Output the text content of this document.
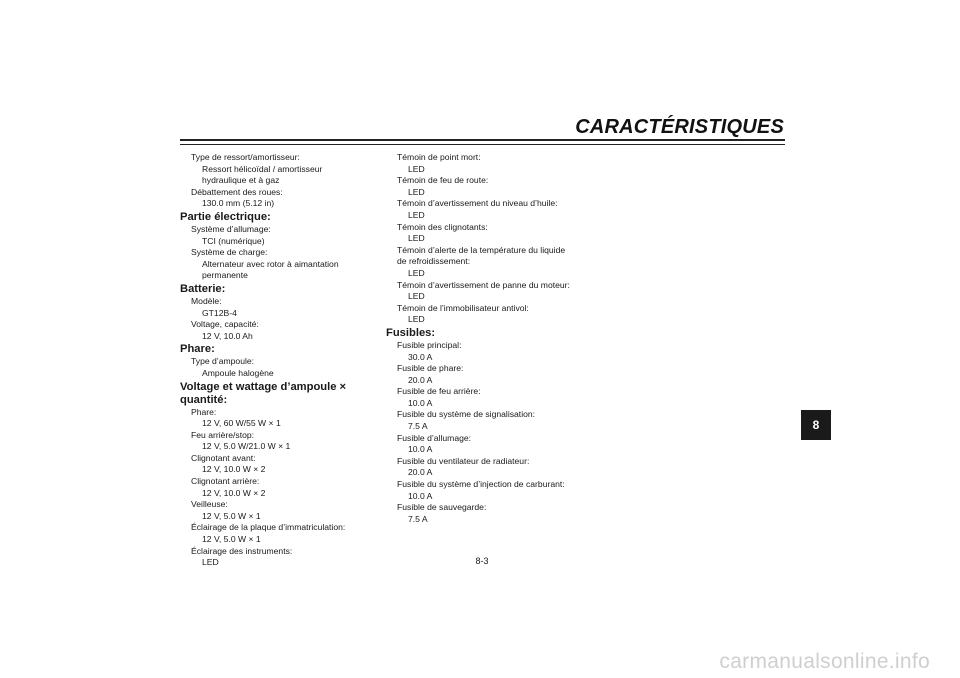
CARACTÉRISTIQUES
Type de ressort/amortisseur:
Ressort hélicoïdal / amortisseur
hydraulique et à gaz
Débattement des roues:
130.0 mm (5.12 in)
Partie électrique:
Système d’allumage:
TCI (numérique)
Système de charge:
Alternateur avec rotor à aimantation
permanente
Batterie:
Modèle:
GT12B-4
Voltage, capacité:
12 V, 10.0 Ah
Phare:
Type d’ampoule:
Ampoule halogène
Voltage et wattage d’ampoule × quantité:
Phare:
12 V, 60 W/55 W × 1
Feu arrière/stop:
12 V, 5.0 W/21.0 W × 1
Clignotant avant:
12 V, 10.0 W × 2
Clignotant arrière:
12 V, 10.0 W × 2
Veilleuse:
12 V, 5.0 W × 1
Éclairage de la plaque d’immatriculation:
12 V, 5.0 W × 1
Éclairage des instruments:
LED
Témoin de point mort:
LED
Témoin de feu de route:
LED
Témoin d’avertissement du niveau d’huile:
LED
Témoin des clignotants:
LED
Témoin d’alerte de la température du liquide
de refroidissement:
LED
Témoin d’avertissement de panne du moteur:
LED
Témoin de l’immobilisateur antivol:
LED
Fusibles:
Fusible principal:
30.0 A
Fusible de phare:
20.0 A
Fusible de feu arrière:
10.0 A
Fusible du système de signalisation:
7.5 A
Fusible d’allumage:
10.0 A
Fusible du ventilateur de radiateur:
20.0 A
Fusible du système d’injection de carburant:
10.0 A
Fusible de sauvegarde:
7.5 A
8
8-3
carmanualsonline.info
